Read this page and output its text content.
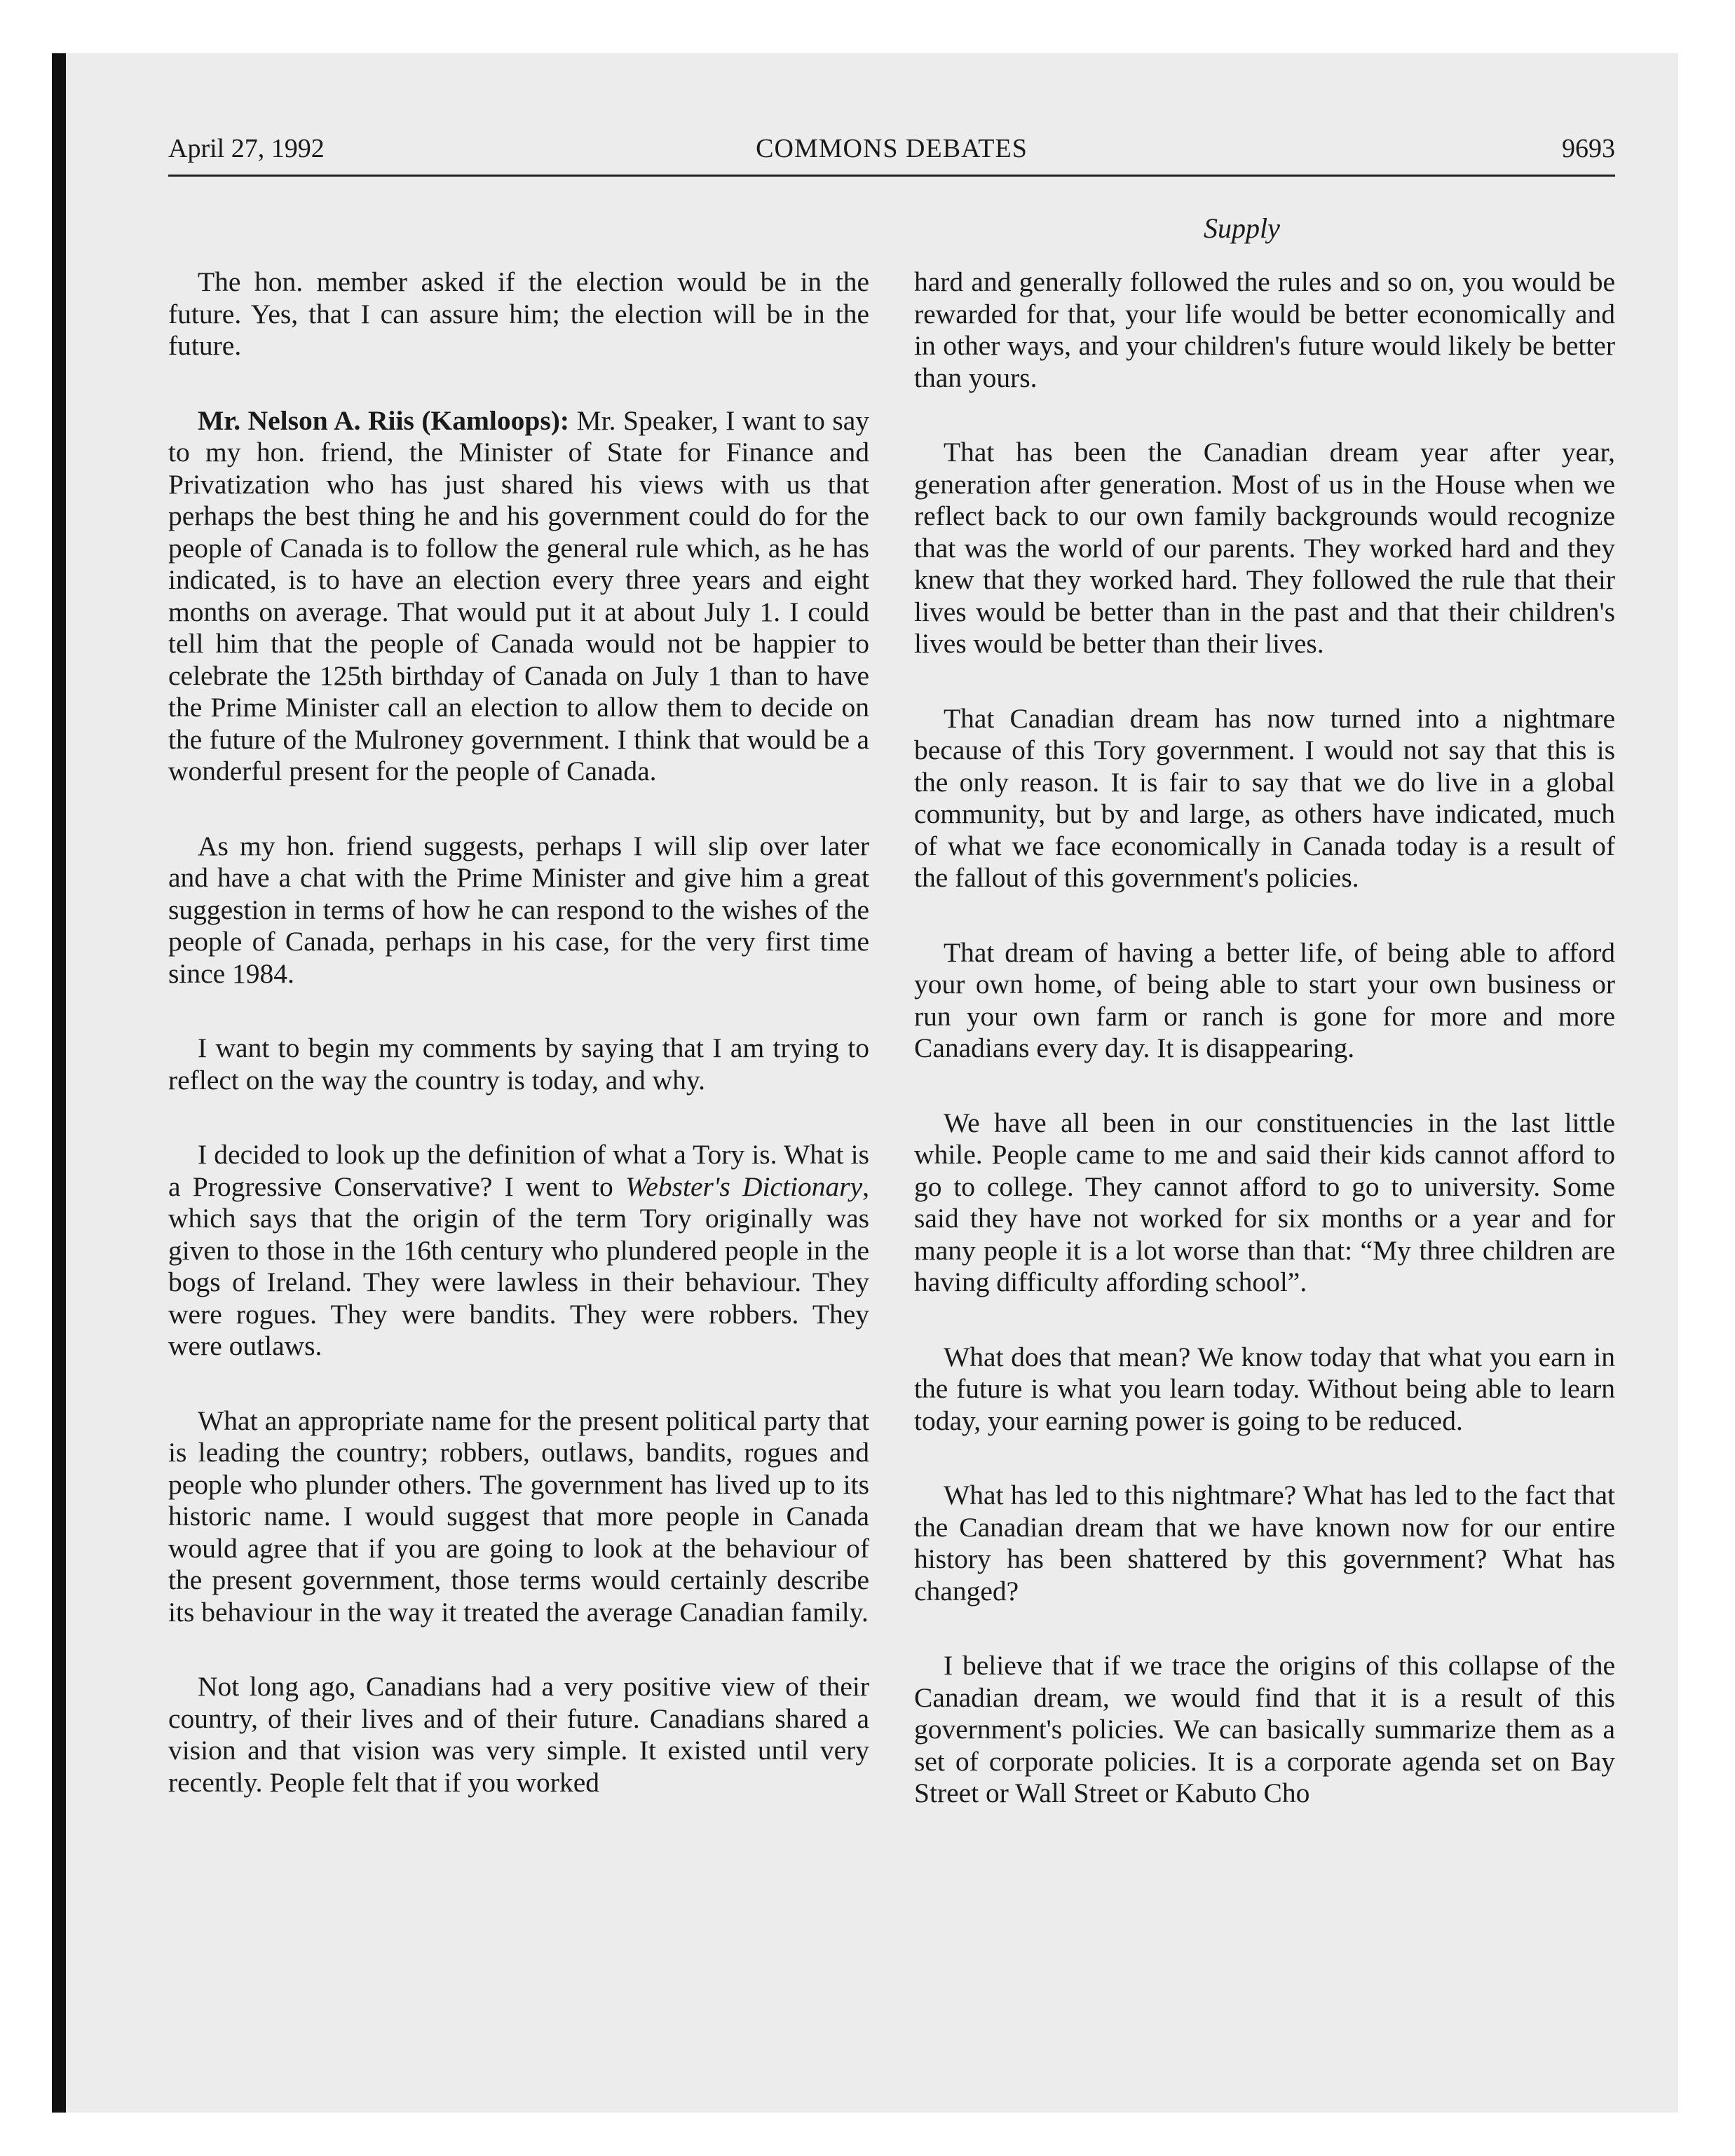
April 27, 1992	COMMONS DEBATES	9693
Supply

The hon. member asked if the election would be in the future. Yes, that I can assure him; the election will be in the future.

Mr. Nelson A. Riis (Kamloops): Mr. Speaker, I want to say to my hon. friend, the Minister of State for Finance and Privatization who has just shared his views with us that perhaps the best thing he and his government could do for the people of Canada is to follow the general rule which, as he has indicated, is to have an election every three years and eight months on average. That would put it at about July 1. I could tell him that the people of Canada would not be happier to celebrate the 125th birthday of Canada on July 1 than to have the Prime Minister call an election to allow them to decide on the future of the Mulroney government. I think that would be a wonderful present for the people of Canada.

As my hon. friend suggests, perhaps I will slip over later and have a chat with the Prime Minister and give him a great suggestion in terms of how he can respond to the wishes of the people of Canada, perhaps in his case, for the very first time since 1984.

I want to begin my comments by saying that I am trying to reflect on the way the country is today, and why.

I decided to look up the definition of what a Tory is. What is a Progressive Conservative? I went to Webster's Dictionary, which says that the origin of the term Tory originally was given to those in the 16th century who plundered people in the bogs of Ireland. They were lawless in their behaviour. They were rogues. They were bandits. They were robbers. They were outlaws.

What an appropriate name for the present political party that is leading the country; robbers, outlaws, bandits, rogues and people who plunder others. The government has lived up to its historic name. I would suggest that more people in Canada would agree that if you are going to look at the behaviour of the present government, those terms would certainly describe its behaviour in the way it treated the average Canadian family.

Not long ago, Canadians had a very positive view of their country, of their lives and of their future. Canadians shared a vision and that vision was very simple. It existed until very recently. People felt that if you worked

hard and generally followed the rules and so on, you would be rewarded for that, your life would be better economically and in other ways, and your children's future would likely be better than yours.

That has been the Canadian dream year after year, generation after generation. Most of us in the House when we reflect back to our own family backgrounds would recognize that was the world of our parents. They worked hard and they knew that they worked hard. They followed the rule that their lives would be better than in the past and that their children's lives would be better than their lives.

That Canadian dream has now turned into a nightmare because of this Tory government. I would not say that this is the only reason. It is fair to say that we do live in a global community, but by and large, as others have indicated, much of what we face economically in Canada today is a result of the fallout of this government's policies.

That dream of having a better life, of being able to afford your own home, of being able to start your own business or run your own farm or ranch is gone for more and more Canadians every day. It is disappearing.

We have all been in our constituencies in the last little while. People came to me and said their kids cannot afford to go to college. They cannot afford to go to university. Some said they have not worked for six months or a year and for many people it is a lot worse than that: “My three children are having difficulty affording school”.

What does that mean? We know today that what you earn in the future is what you learn today. Without being able to learn today, your earning power is going to be reduced.

What has led to this nightmare? What has led to the fact that the Canadian dream that we have known now for our entire history has been shattered by this government? What has changed?

I believe that if we trace the origins of this collapse of the Canadian dream, we would find that it is a result of this government's policies. We can basically summarize them as a set of corporate policies. It is a corporate agenda set on Bay Street or Wall Street or Kabuto Cho
